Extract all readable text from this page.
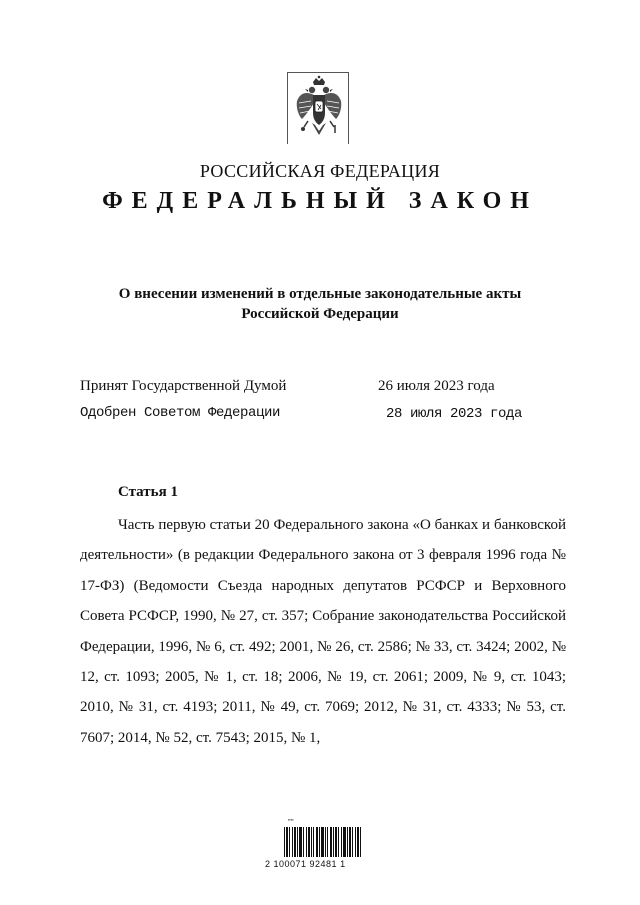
РОССИЙСКАЯ ФЕДЕРАЦИЯ
ФЕДЕРАЛЬНЫЙ ЗАКОН
О внесении изменений в отдельные законодательные акты
Российской Федерации
Принят Государственной Думой	26 июля 2023 года
Одобрен Советом Федерации	28 июля 2023 года
Статья 1
Часть первую статьи 20 Федерального закона «О банках и банковской деятельности» (в редакции Федерального закона от 3 февраля 1996 года № 17-ФЗ) (Ведомости Съезда народных депутатов РСФСР и Верховного Совета РСФСР, 1990, № 27, ст. 357; Собрание законодательства Российской Федерации, 1996, № 6, ст. 492; 2001, № 26, ст. 2586; № 33, ст. 3424; 2002, № 12, ст. 1093; 2005, № 1, ст. 18; 2006, № 19, ст. 2061; 2009, № 9, ст. 1043; 2010, № 31, ст. 4193; 2011, № 49, ст. 7069; 2012, № 31, ст. 4333; № 53, ст. 7607; 2014, № 52, ст. 7543; 2015, № 1,
▪▪▪▪
2 100071 92481 1
